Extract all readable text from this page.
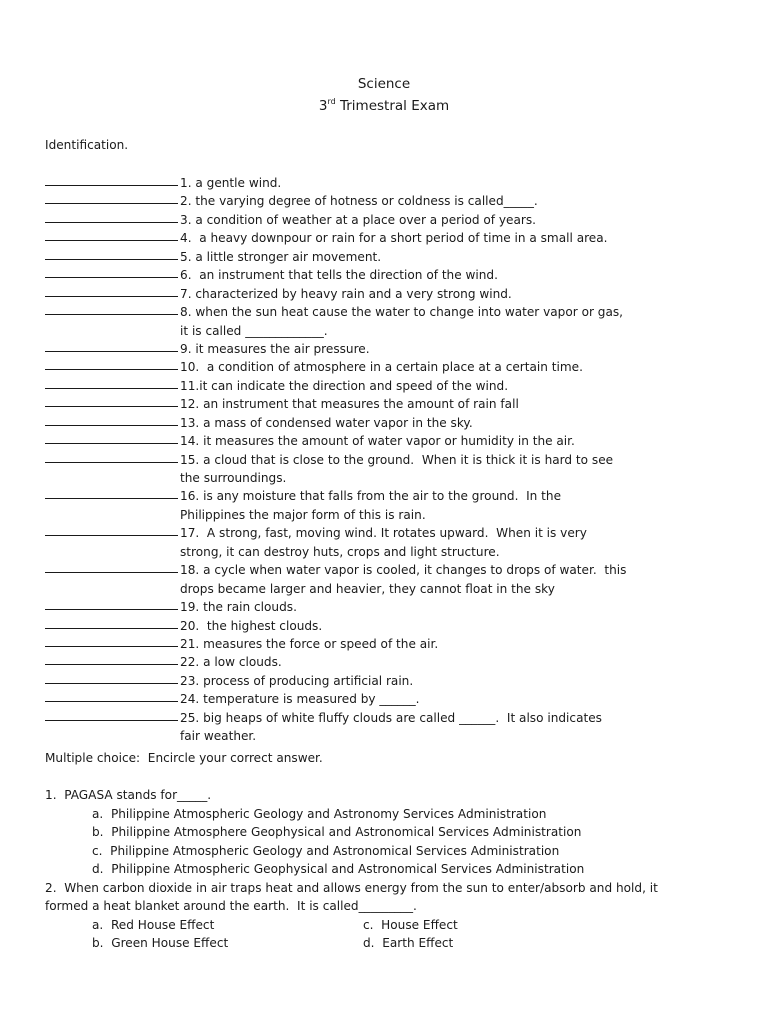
Science
3rd Trimestral Exam
Identification.
1. a gentle wind.
2. the varying degree of hotness or coldness is called_____.
3. a condition of weather at a place over a period of years.
4. a heavy downpour or rain for a short period of time in a small area.
5. a little stronger air movement.
6. an instrument that tells the direction of the wind.
7. characterized by heavy rain and a very strong wind.
8. when the sun heat cause the water to change into water vapor or gas,
it is called _____________.
9. it measures the air pressure.
10. a condition of atmosphere in a certain place at a certain time.
11. it can indicate the direction and speed of the wind.
12. an instrument that measures the amount of rain fall
13. a mass of condensed water vapor in the sky.
14. it measures the amount of water vapor or humidity in the air.
15. a cloud that is close to the ground.  When it is thick it is hard to see
the surroundings.
16. is any moisture that falls from the air to the ground.  In the
Philippines the major form of this is rain.
17. A strong, fast, moving wind. It rotates upward.  When it is very
strong, it can destroy huts, crops and light structure.
18. a cycle when water vapor is cooled, it changes to drops of water.  this
drops became larger and heavier, they cannot float in the sky
19. the rain clouds.
20. the highest clouds.
21. measures the force or speed of the air.
22. a low clouds.
23. process of producing artificial rain.
24. temperature is measured by ______.
25. big heaps of white fluffy clouds are called ______.  It also indicates
fair weather.
Multiple choice:  Encircle your correct answer.
1.  PAGASA stands for_____.
a.  Philippine Atmospheric Geology and Astronomy Services Administration
b.  Philippine Atmosphere Geophysical and Astronomical Services Administration
c.  Philippine Atmospheric Geology and Astronomical Services Administration
d.  Philippine Atmospheric Geophysical and Astronomical Services Administration
2.  When carbon dioxide in air traps heat and allows energy from the sun to enter/absorb and hold, it
formed a heat blanket around the earth.  It is called_________.
a.  Red House Effect	c.  House Effect
b.  Green House Effect	d.  Earth Effect
